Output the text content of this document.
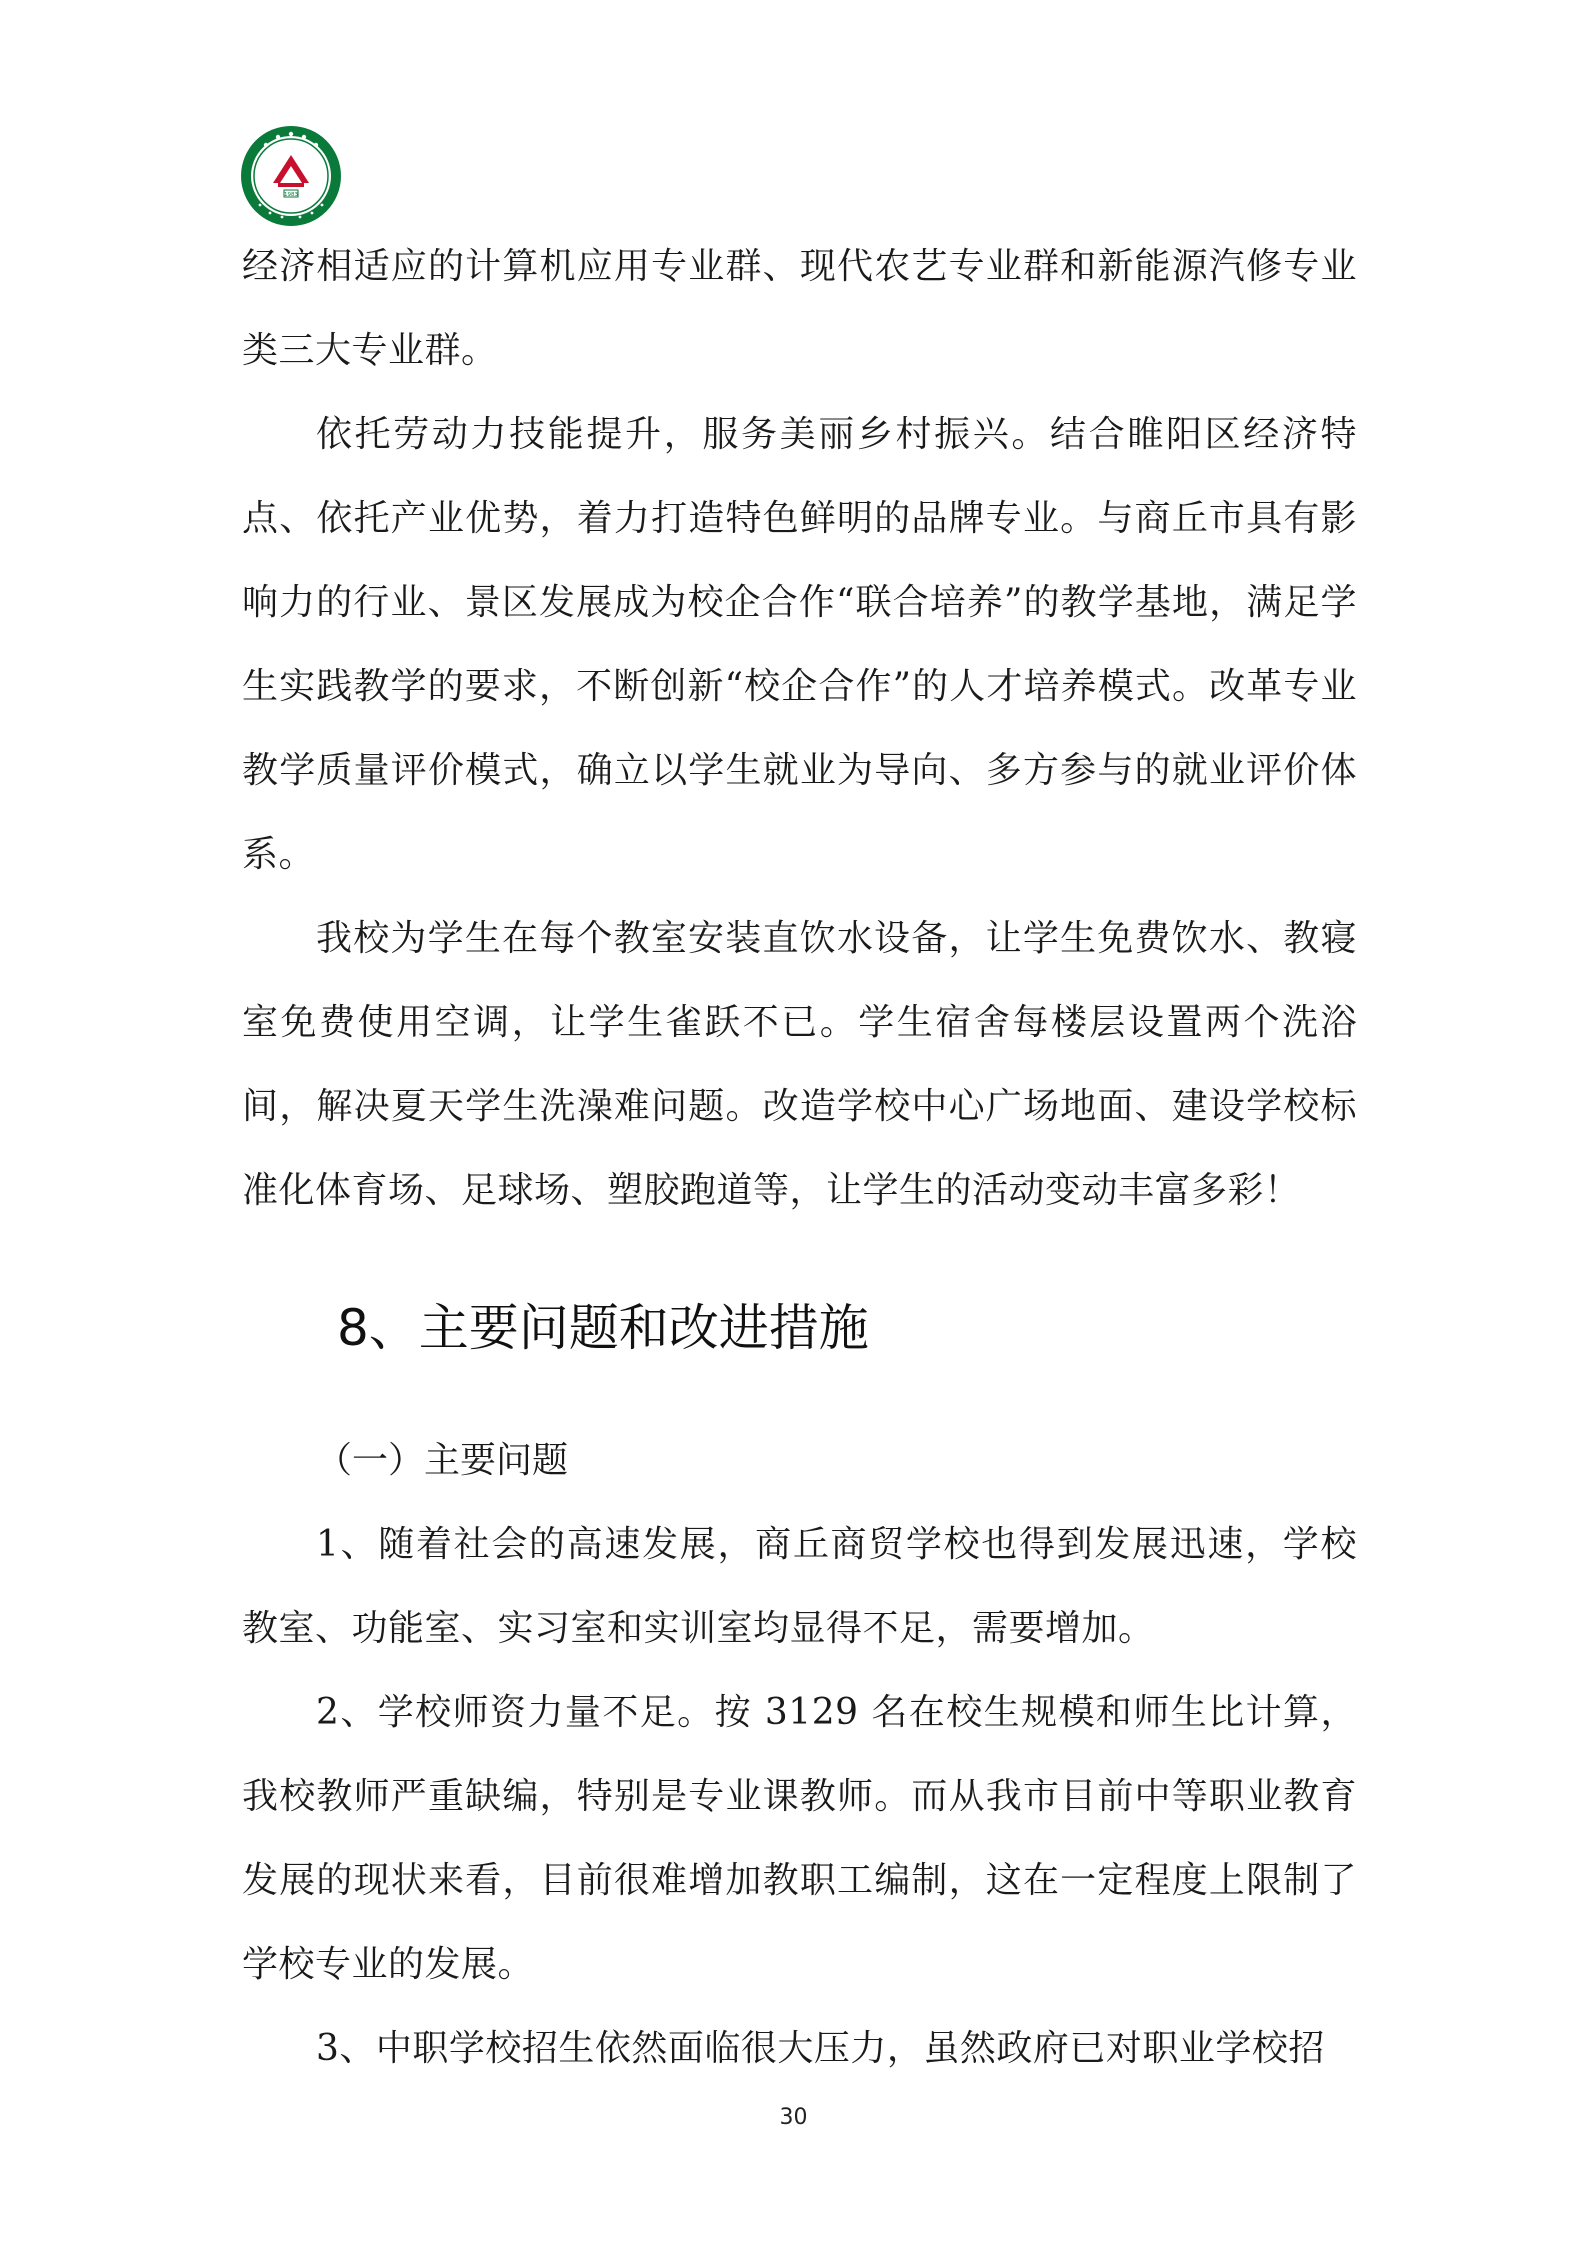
1983

经济相适应的计算机应用专业群、现代农艺专业群和新能源汽修专业类三大专业群。

依托劳动力技能提升，服务美丽乡村振兴。结合睢阳区经济特点、依托产业优势，着力打造特色鲜明的品牌专业。与商丘市具有影响力的行业、景区发展成为校企合作“联合培养”的教学基地，满足学生实践教学的要求，不断创新“校企合作”的人才培养模式。改革专业教学质量评价模式，确立以学生就业为导向、多方参与的就业评价体系。

我校为学生在每个教室安装直饮水设备，让学生免费饮水、教寝室免费使用空调，让学生雀跃不已。学生宿舍每楼层设置两个洗浴间，解决夏天学生洗澡难问题。改造学校中心广场地面、建设学校标准化体育场、足球场、塑胶跑道等，让学生的活动变动丰富多彩！

8、主要问题和改进措施

（一）主要问题

1、随着社会的高速发展，商丘商贸学校也得到发展迅速，学校教室、功能室、实习室和实训室均显得不足，需要增加。

2、学校师资力量不足。按 3129 名在校生规模和师生比计算，我校教师严重缺编，特别是专业课教师。而从我市目前中等职业教育发展的现状来看，目前很难增加教职工编制，这在一定程度上限制了学校专业的发展。

3、中职学校招生依然面临很大压力，虽然政府已对职业学校招

30
